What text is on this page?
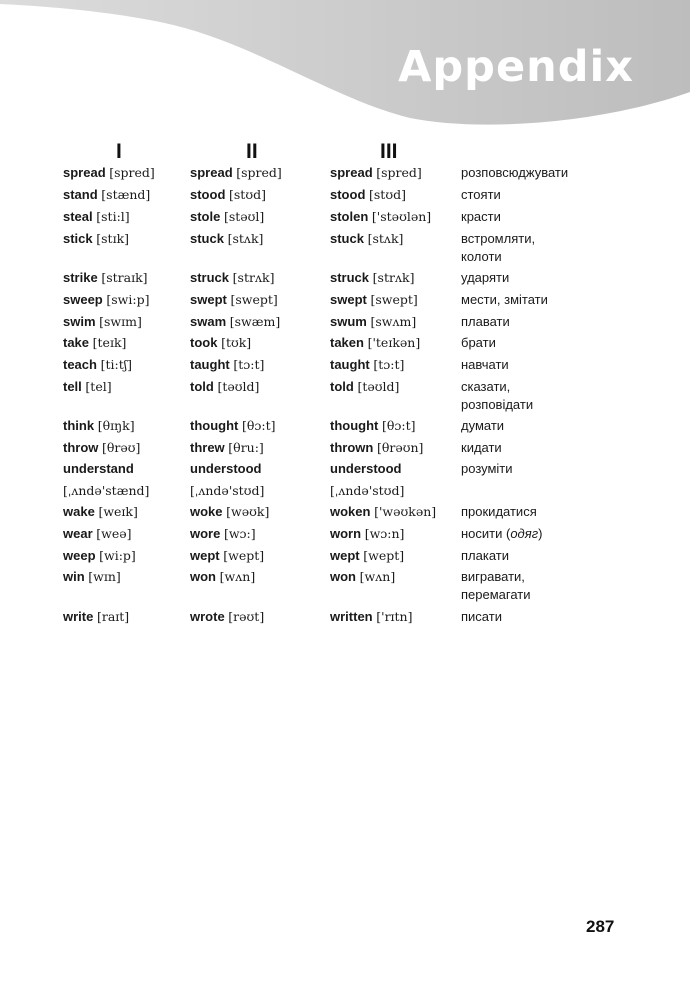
Appendix
I	II	III
spread [spred]	spread [spred]	spread [spred]	розповсюджувати
stand [stænd]	stood [stʊd]	stood [stʊd]	стояти
steal [sti:l]	stole [stəʊl]	stolen ['stəʊlən]	красти
stick [stɪk]	stuck [stʌk]	stuck [stʌk]	встромляти,
колоти
strike [straɪk]	struck [strʌk]	struck [strʌk]	ударяти
sweep [swi:p]	swept [swept]	swept [swept]	мести, змітати
swim [swɪm]	swam [swæm]	swum [swʌm]	плавати
take [teɪk]	took [tʊk]	taken ['teɪkən]	брати
teach [ti:tʃ]	taught [tɔ:t]	taught [tɔ:t]	навчати
tell [tel]	told [təʊld]	told [təʊld]	сказати,
розповідати
think [θɪŋk]	thought [θɔ:t]	thought [θɔ:t]	думати
throw [θrəʊ]	threw [θru:]	thrown [θrəʊn]	кидати
understand	understood	understood	розуміти
[ˌʌndə'stænd]	[ˌʌndə'stʊd]	[ˌʌndə'stʊd]
wake [weɪk]	woke [wəʊk]	woken ['wəʊkən]	прокидатися
wear [weə]	wore [wɔ:]	worn [wɔ:n]	носити (одяг)
weep [wi:p]	wept [wept]	wept [wept]	плакати
win [wɪn]	won [wʌn]	won [wʌn]	вигравати,
перемагати
write [raɪt]	wrote [rəʊt]	written ['rɪtn]	писати
287
